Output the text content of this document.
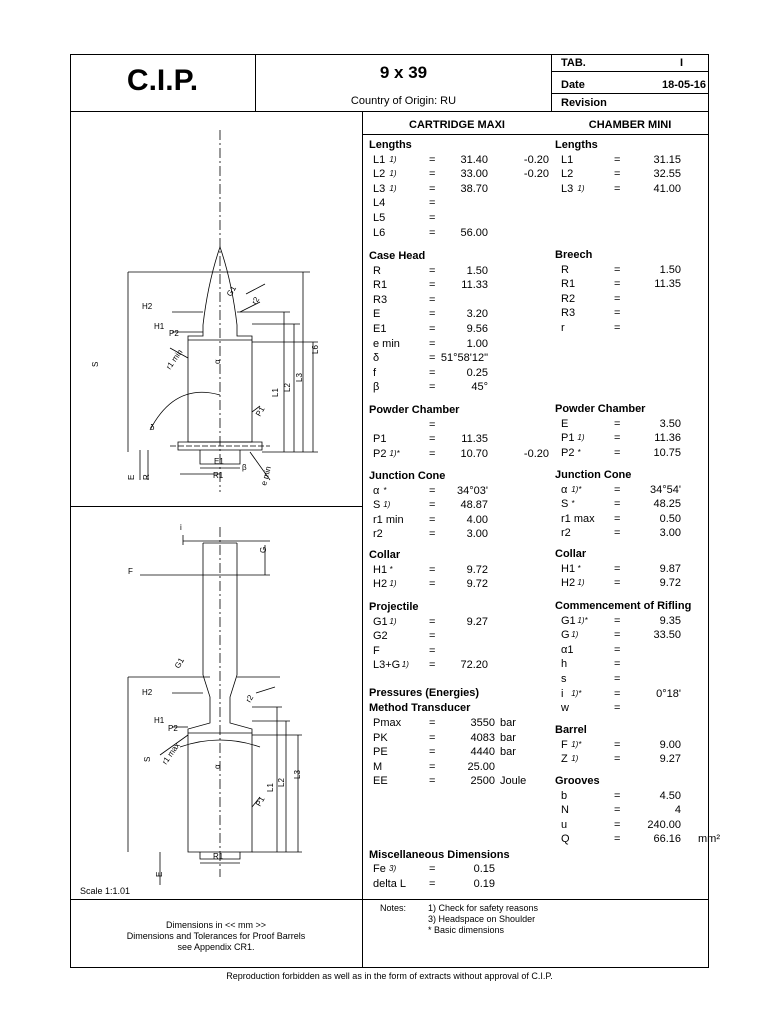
C.I.P.	9 x 39
Country of Origin: RU
TAB.	I
Date	18-05-16
Revision
CARTRIDGE MAXI	CHAMBER MINI
Lengths
L1 1)	=	31.40	-0.20
L2 1)	=	33.00	-0.20
L3 1)	=	38.70
L4	=
L5	=
L6	=	56.00
Case Head
R	=	1.50
R1	=	11.33
R3	=
E	=	3.20
E1	=	9.56
e min	=	1.00
δ	= 51°58'12"
f	=	0.25
β	=	45°
Powder Chamber
=
P1	=	11.35
P2 1)*	=	10.70	-0.20
Junction Cone
α *	=	34°03'
S 1)	=	48.87
r1 min =	4.00
r2	=	3.00
Collar
H1 *	=	9.72
H2 1)	=	9.72
Projectile
G1 1)	=	9.27
G2	=
F	=
L3+G 1) =	72.20
Pressures (Energies)
Method Transducer
Pmax	=	3550 bar
PK	=	4083 bar
PE	=	4440 bar
M	=	25.00
EE	=	2500 Joule
Miscellaneous Dimensions
Fe 3)	=	0.15
delta L =	0.19
Lengths
L1	=	31.15
L2	=	32.55
L3 1)	=	41.00
Breech
R	=	1.50
R1	=	11.35
R2	=
R3	=
r	=
Powder Chamber
E	=	3.50
P1 1)	=	11.36
P2 *	=	10.75
Junction Cone
α 1)*	=	34°54'
S *	=	48.25
r1 max =	0.50
r2	=	3.00
Collar
H1 *	=	9.87
H2 1)	=	9.72
Commencement of Rifling
G1 1)* =	9.35
G 1)	=	33.50
α1	=
h	=
s	=
i 1)*	=	0°18'
w	=
Barrel
F 1)*	=	9.00
Z 1)	=	9.27
Grooves
b	=	4.50
N	=	4
u	=	240.00
Q	=	66.16 mm²
Notes: 1) Check for safety reasons
3) Headspace on Shoulder
* Basic dimensions
Dimensions in << mm >>
Dimensions and Tolerances for Proof Barrels
see Appendix CR1.
Scale 1:1.01
Reproduction forbidden as well as in the form of extracts without approval of C.I.P.
G1
r2
H2
H1
P2
r1 min
S
L6
L1
L2
L3
P1
E1
R1	e min
E R
δ
α
β
i
G
F
G1
r2
H2
H1
P2
r1 max
S
L1
L2
L3
P1
R1
α
E
